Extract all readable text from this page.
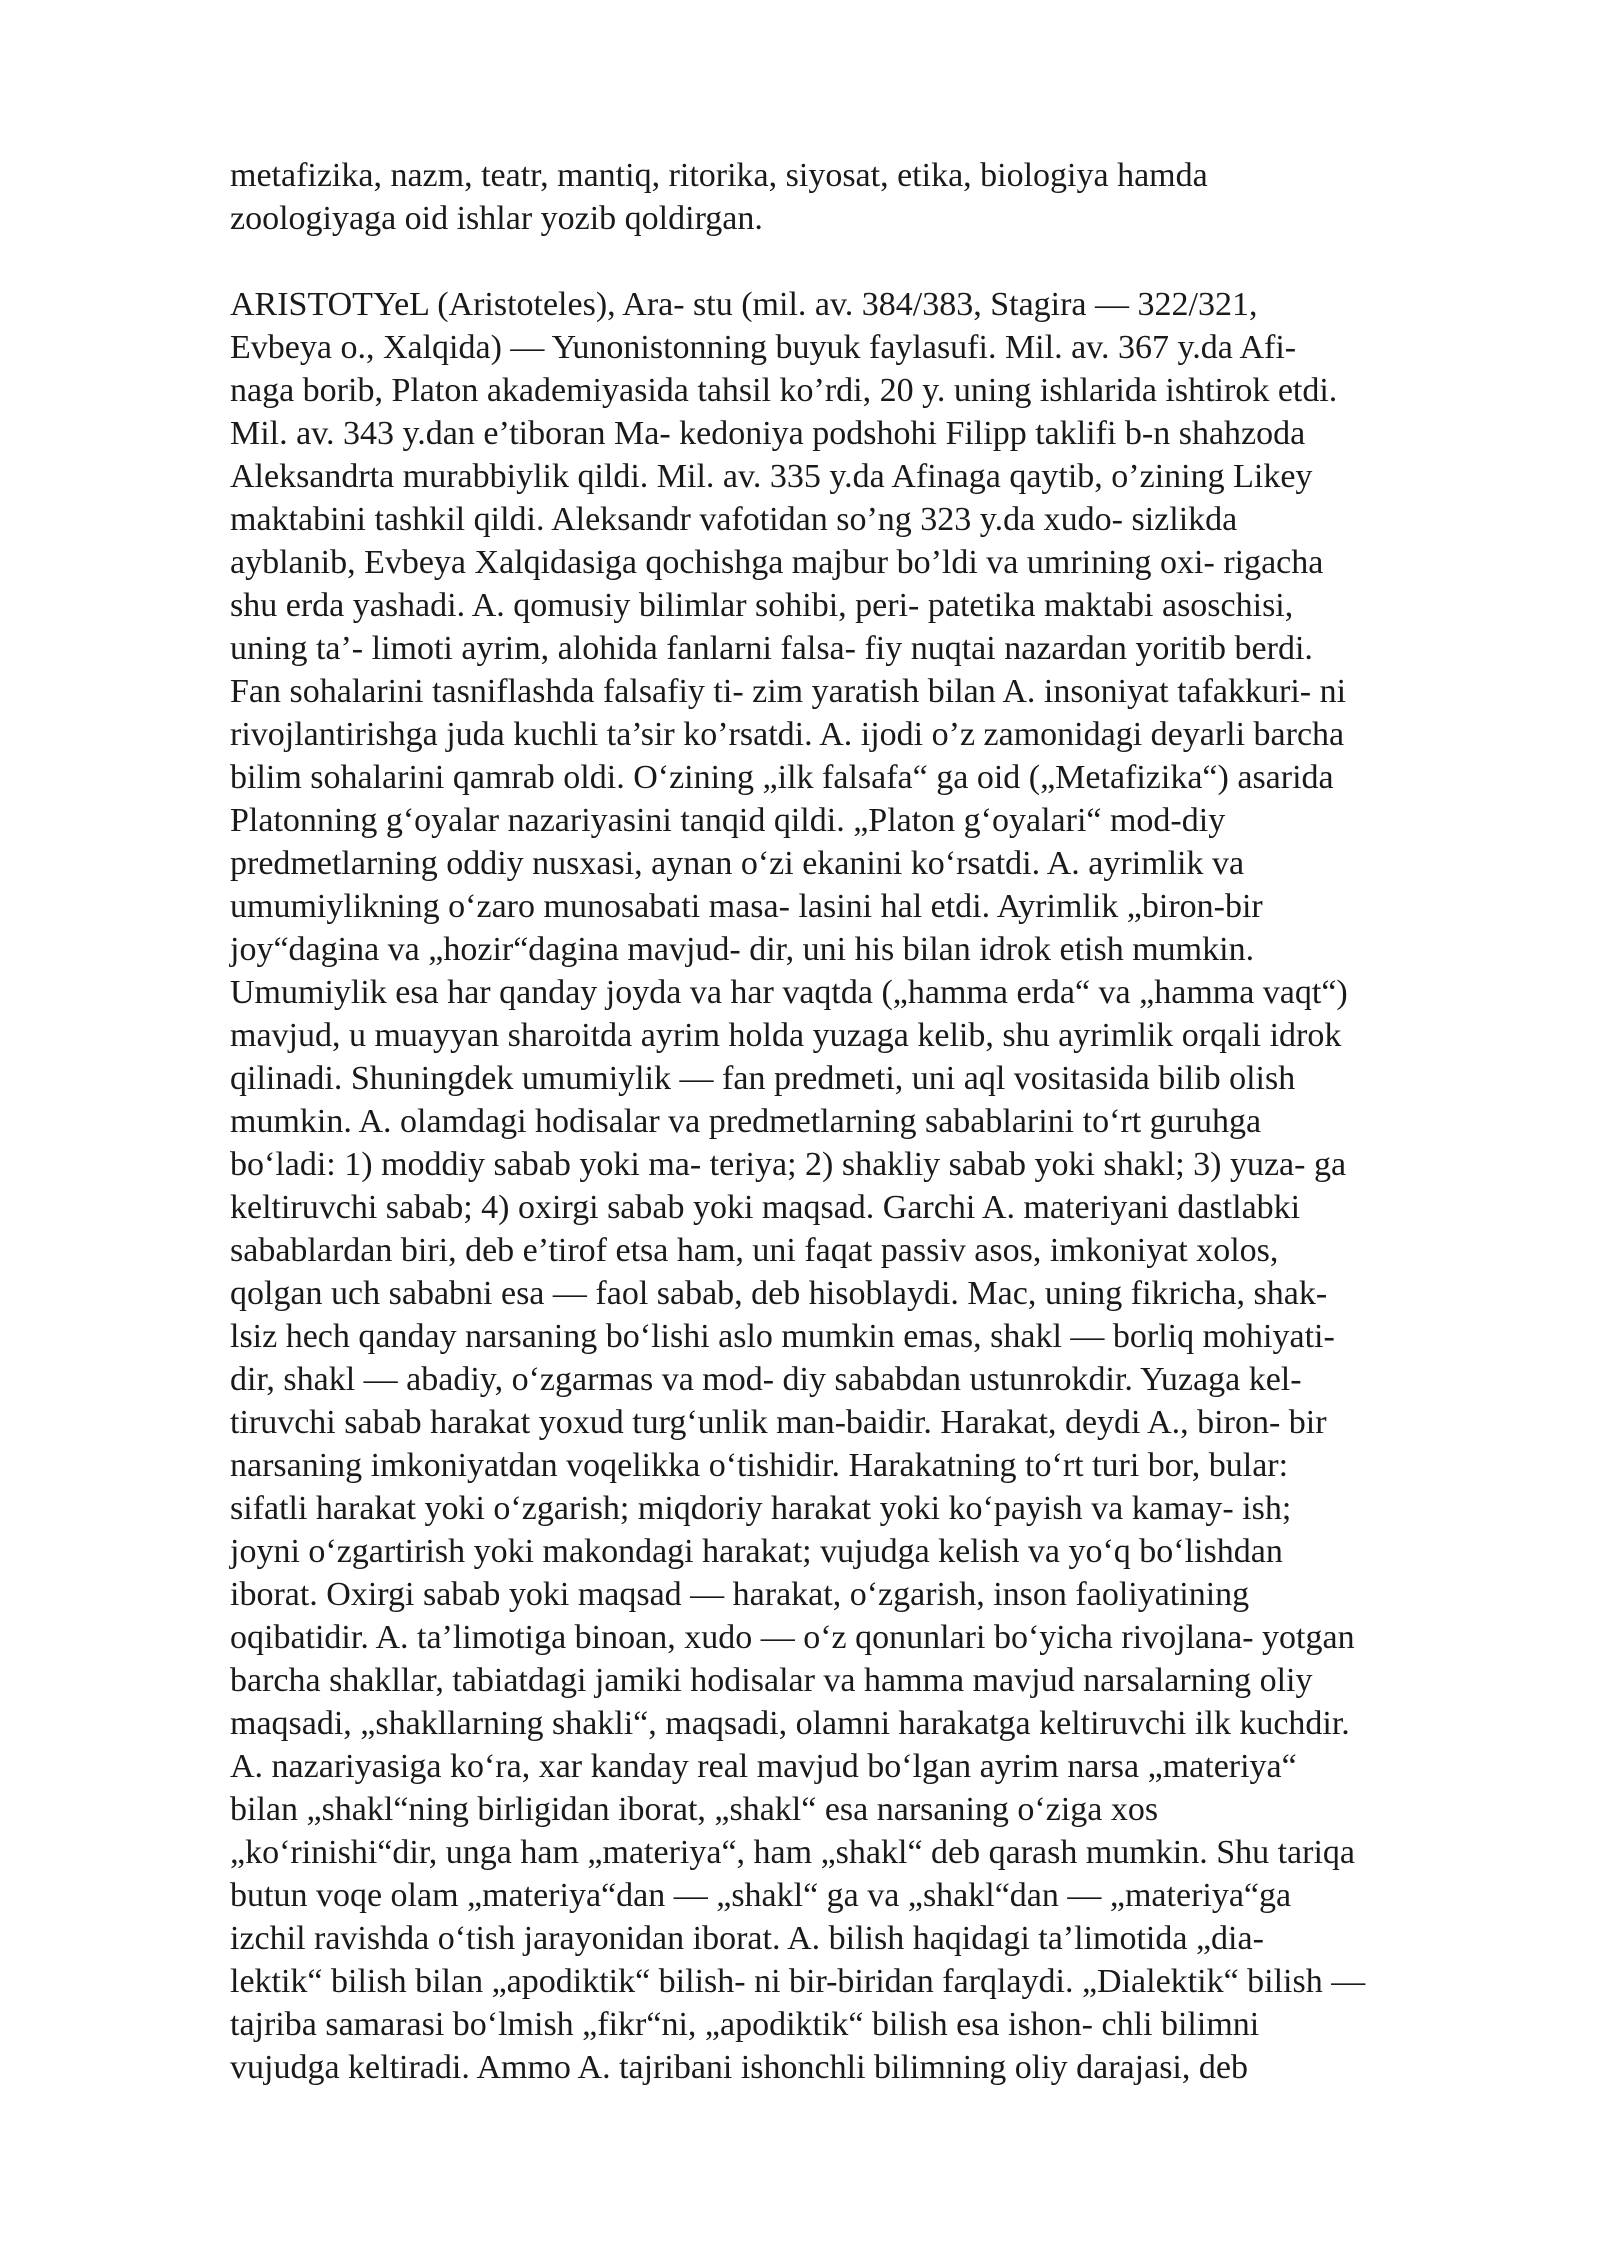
metafizika, nazm, teatr, mantiq, ritorika, siyosat, etika, biologiya hamda
zoologiyaga oid ishlar yozib qoldirgan.
ARISTOTYeL (Aristoteles), Ara- stu (mil. av. 384/383, Stagira — 322/321,
Evbeya o., Xalqida) — Yunonistonning buyuk faylasufi. Mil. av. 367 y.da Afi-
naga borib, Platon akademiyasida tahsil ko’rdi, 20 y. uning ishlarida ishtirok etdi.
Mil. av. 343 y.dan e’tiboran Ma- kedoniya podshohi Filipp taklifi b-n shahzoda
Aleksandrta murabbiylik qildi. Mil. av. 335 y.da Afinaga qaytib, o’zining Likey
maktabini tashkil qildi. Aleksandr vafotidan so’ng 323 y.da xudo- sizlikda
ayblanib, Evbeya Xalqidasiga qochishga majbur bo’ldi va umrining oxi- rigacha
shu erda yashadi. A. qomusiy bilimlar sohibi, peri- patetika maktabi asoschisi,
uning ta’- limoti ayrim, alohida fanlarni falsa- fiy nuqtai nazardan yoritib berdi.
Fan sohalarini tasniflashda falsafiy ti- zim yaratish bilan A. insoniyat tafakkuri- ni
rivojlantirishga juda kuchli ta’sir ko’rsatdi. A. ijodi o’z zamonidagi deyarli barcha
bilim sohalarini qamrab oldi. O‘zining „ilk falsafa“ ga oid („Metafizika“) asarida
Platonning g‘oyalar nazariyasini tanqid qildi. „Platon g‘oyalari“ mod-diy
predmetlarning oddiy nusxasi, aynan o‘zi ekanini ko‘rsatdi. A. ayrimlik va
umumiylikning o‘zaro munosabati masa- lasini hal etdi. Ayrimlik „biron-bir
joy“dagina va „hozir“dagina mavjud- dir, uni his bilan idrok etish mumkin.
Umumiylik esa har qanday joyda va har vaqtda („hamma erda“ va „hamma vaqt“)
mavjud, u muayyan sharoitda ayrim holda yuzaga kelib, shu ayrimlik orqali idrok
qilinadi. Shuningdek umumiylik — fan predmeti, uni aql vositasida bilib olish
mumkin. A. olamdagi hodisalar va predmetlarning sabablarini to‘rt guruhga
bo‘ladi: 1) moddiy sabab yoki ma- teriya; 2) shakliy sabab yoki shakl; 3) yuza- ga
keltiruvchi sabab; 4) oxirgi sabab yoki maqsad. Garchi A. materiyani dastlabki
sabablardan biri, deb e’tirof etsa ham, uni faqat passiv asos, imkoniyat xolos,
qolgan uch sababni esa — faol sabab, deb hisoblaydi. Mac, uning fikricha, shak-
lsiz hech qanday narsaning bo‘lishi aslo mumkin emas, shakl — borliq mohiyati-
dir, shakl — abadiy, o‘zgarmas va mod- diy sababdan ustunrokdir. Yuzaga kel-
tiruvchi sabab harakat yoxud turg‘unlik man-baidir. Harakat, deydi A., biron- bir
narsaning imkoniyatdan voqelikka o‘tishidir. Harakatning to‘rt turi bor, bular:
sifatli harakat yoki o‘zgarish; miqdoriy harakat yoki ko‘payish va kamay- ish;
joyni o‘zgartirish yoki makondagi harakat; vujudga kelish va yo‘q bo‘lishdan
iborat. Oxirgi sabab yoki maqsad — harakat, o‘zgarish, inson faoliyatining
oqibatidir. A. ta’limotiga binoan, xudo — o‘z qonunlari bo‘yicha rivojlana- yotgan
barcha shakllar, tabiatdagi jamiki hodisalar va hamma mavjud narsalarning oliy
maqsadi, „shakllarning shakli“, maqsadi, olamni harakatga keltiruvchi ilk kuchdir.
A. nazariyasiga ko‘ra, xar kanday real mavjud bo‘lgan ayrim narsa „materiya“
bilan „shakl“ning birligidan iborat, „shakl“ esa narsaning o‘ziga xos
„ko‘rinishi“dir, unga ham „materiya“, ham „shakl“ deb qarash mumkin. Shu tariqa
butun voqe olam „materiya“dan — „shakl“ ga va „shakl“dan — „materiya“ga
izchil ravishda o‘tish jarayonidan iborat. A. bilish haqidagi ta’limotida „dia-
lektik“ bilish bilan „apodiktik“ bilish- ni bir-biridan farqlaydi. „Dialektik“ bilish —
tajriba samarasi bo‘lmish „fikr“ni, „apodiktik“ bilish esa ishon- chli bilimni
vujudga keltiradi. Ammo A. tajribani ishonchli bilimning oliy darajasi, deb
